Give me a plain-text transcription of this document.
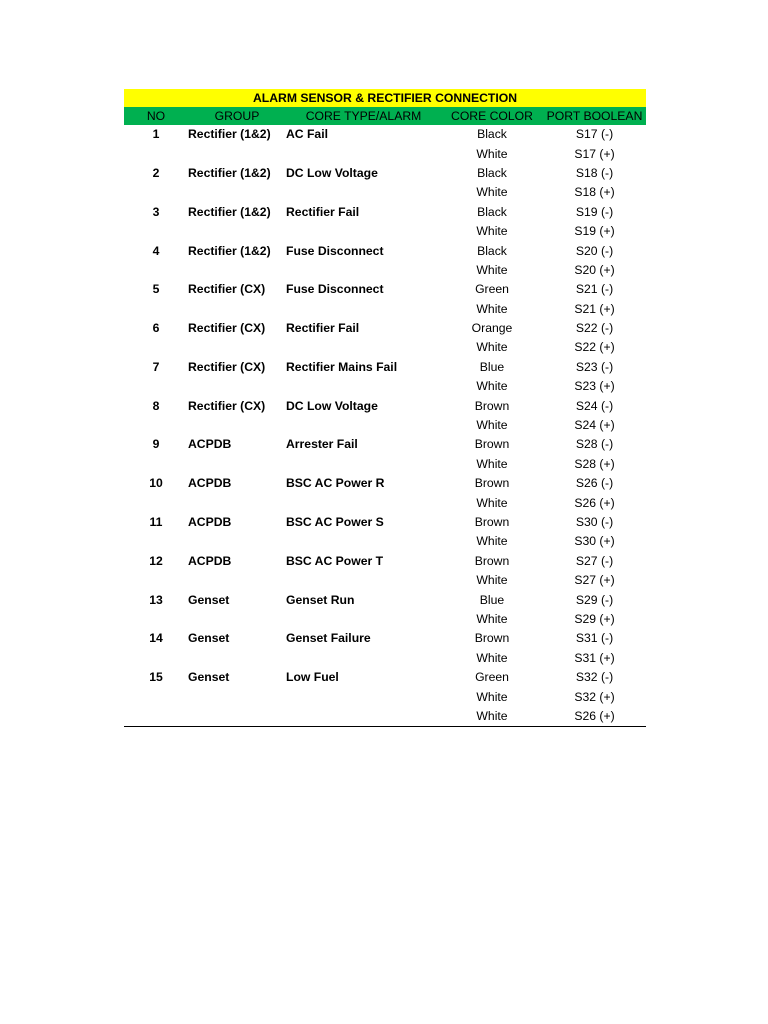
ALARM SENSOR & RECTIFIER CONNECTION				
NO	GROUP	CORE TYPE/ALARM	CORE COLOR	PORT BOOLEAN
1	Rectifier (1&2)	AC Fail	Black	S17 (-)
			White	S17 (+)
2	Rectifier (1&2)	DC Low Voltage	Black	S18 (-)
			White	S18 (+)
3	Rectifier (1&2)	Rectifier Fail	Black	S19 (-)
			White	S19 (+)
4	Rectifier (1&2)	Fuse Disconnect	Black	S20 (-)
			White	S20 (+)
5	Rectifier (CX)	Fuse Disconnect	Green	S21 (-)
			White	S21 (+)
6	Rectifier (CX)	Rectifier Fail	Orange	S22 (-)
			White	S22 (+)
7	Rectifier (CX)	Rectifier Mains Fail	Blue	S23 (-)
			White	S23 (+)
8	Rectifier (CX)	DC Low Voltage	Brown	S24 (-)
			White	S24 (+)
9	ACPDB	Arrester Fail	Brown	S28 (-)
			White	S28 (+)
10	ACPDB	BSC AC Power R	Brown	S26 (-)
			White	S26 (+)
11	ACPDB	BSC AC Power S	Brown	S30 (-)
			White	S30 (+)
12	ACPDB	BSC AC Power T	Brown	S27 (-)
			White	S27 (+)
13	Genset	Genset Run	Blue	S29 (-)
			White	S29 (+)
14	Genset	Genset Failure	Brown	S31 (-)
			White	S31 (+)
15	Genset	Low Fuel	Green	S32 (-)
			White	S32 (+)
			White	S26 (+)
